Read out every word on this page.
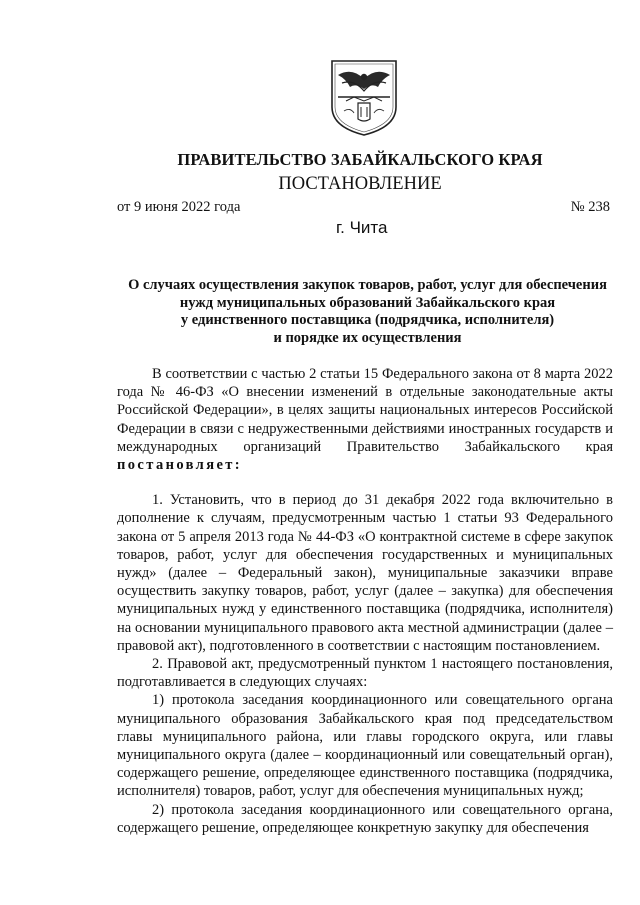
ПРАВИТЕЛЬСТВО ЗАБАЙКАЛЬСКОГО КРАЯ
ПОСТАНОВЛЕНИЕ
от 9 июня 2022 года	№ 238
г. Чита
О случаях осуществления закупок товаров, работ, услуг для обеспечения
нужд муниципальных образований Забайкальского края
у единственного поставщика (подрядчика, исполнителя)
и порядке их осуществления

В соответствии с частью 2 статьи 15 Федерального закона от 8 марта 2022 года № 46-ФЗ «О внесении изменений в отдельные законодательные акты Российской Федерации», в целях защиты национальных интересов Российской Федерации в связи с недружественными действиями иностранных государств и международных организаций Правительство Забайкальского края постановляет:

1. Установить, что в период до 31 декабря 2022 года включительно в дополнение к случаям, предусмотренным частью 1 статьи 93 Федерального закона от 5 апреля 2013 года № 44-ФЗ «О контрактной системе в сфере закупок товаров, работ, услуг для обеспечения государственных и муниципальных нужд» (далее – Федеральный закон), муниципальные заказчики вправе осуществить закупку товаров, работ, услуг (далее – закупка) для обеспечения муниципальных нужд у единственного поставщика (подрядчика, исполнителя) на основании муниципального правового акта местной администрации (далее – правовой акт), подготовленного в соответствии с настоящим постановлением.

2. Правовой акт, предусмотренный пунктом 1 настоящего постановления, подготавливается в следующих случаях:

1) протокола заседания координационного или совещательного органа муниципального образования Забайкальского края под председательством главы муниципального района, или главы городского округа, или главы муниципального округа (далее – координационный или совещательный орган), содержащего решение, определяющее единственного поставщика (подрядчика, исполнителя) товаров, работ, услуг для обеспечения муниципальных нужд;

2) протокола заседания координационного или совещательного органа, содержащего решение, определяющее конкретную закупку для обеспечения
